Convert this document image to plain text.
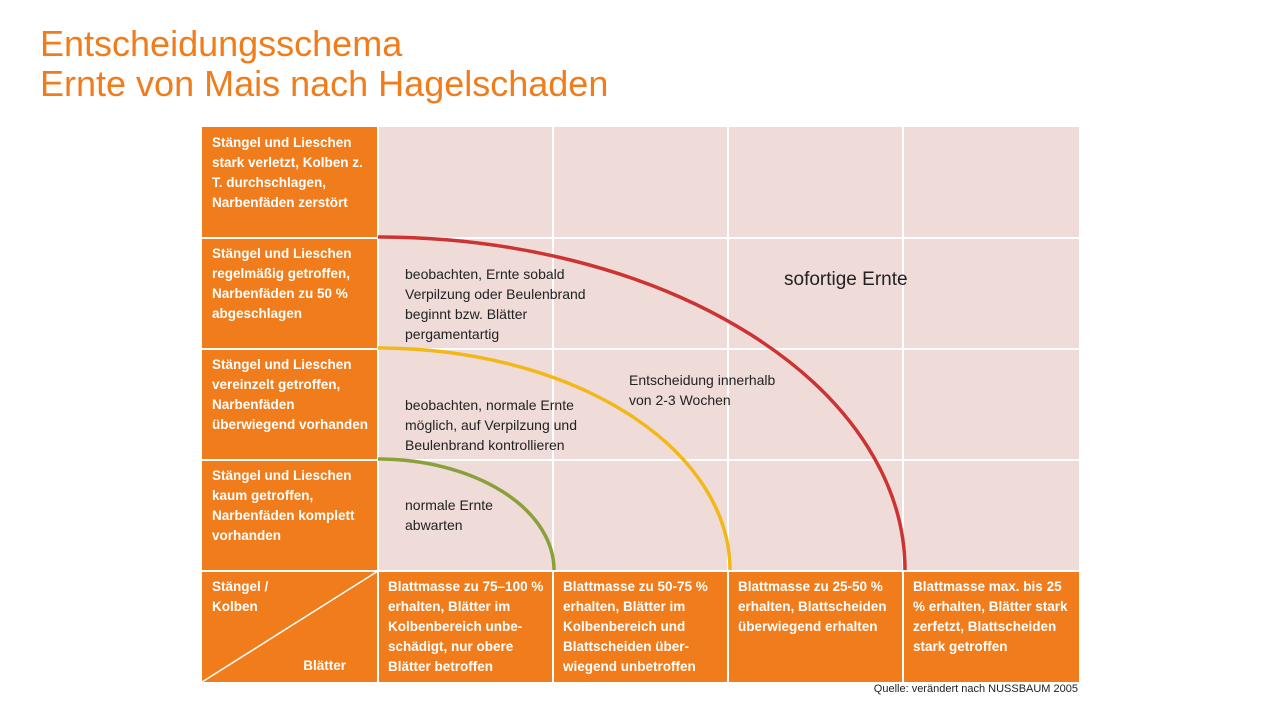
Entscheidungsschema
Ernte von Mais nach Hagelschaden
Stängel und Lieschen stark verletzt, Kolben z. T. durchschlagen, Narbenfäden zerstört
Stängel und Lieschen regelmäßig getroffen, Narbenfäden zu 50 % abgeschlagen
Stängel und Lieschen vereinzelt getroffen, Narbenfäden überwiegend vorhanden
Stängel und Lieschen kaum getroffen, Narbenfäden komplett vorhanden
Stängel / Kolben
Blätter
Blattmasse zu 75–100 % erhalten, Blätter im Kolbenbereich unbe-schädigt, nur obere Blätter betroffen
Blattmasse zu 50-75 % erhalten, Blätter im Kolbenbereich und Blattscheiden über-wiegend unbetroffen
Blattmasse zu 25-50 % erhalten, Blattscheiden überwiegend erhalten
Blattmasse max. bis 25 % erhalten, Blätter stark zerfetzt, Blattscheiden stark getroffen
sofortige Ernte
beobachten, Ernte sobald Verpilzung oder Beulenbrand beginnt bzw. Blätter pergamentartig
Entscheidung innerhalb von 2-3 Wochen
beobachten, normale Ernte möglich, auf Verpilzung und Beulenbrand kontrollieren
normale Ernte abwarten
Quelle: verändert nach NUSSBAUM 2005
